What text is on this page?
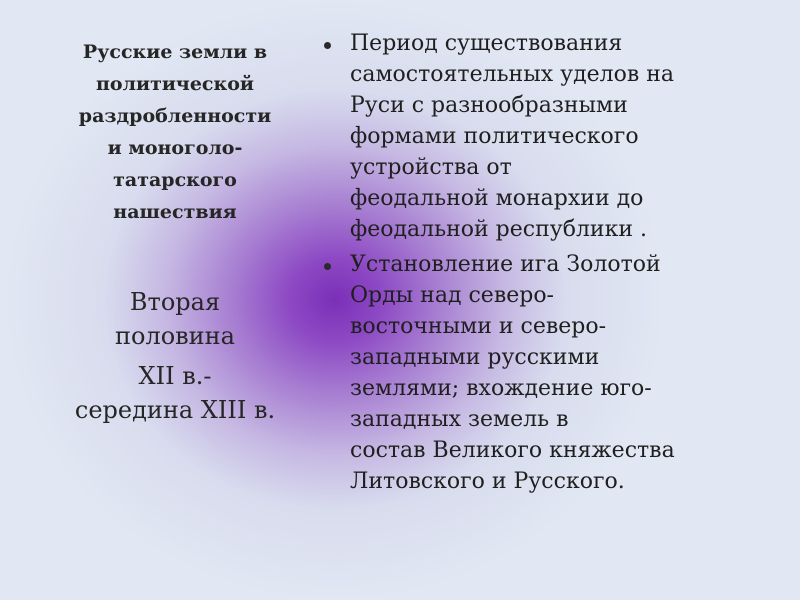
Русские земли в
политической
раздробленности
и моноголо-
татарского
нашествия
Вторая
половина
XII в.-
середина XIII в.
Период существования
самостоятельных уделов на
Руси с разнообразными
формами политического
устройства от
феодальной монархии до
феодальной республики .
Установление ига Золотой
Орды над северо-
восточными и северо-
западными русскими
землями; вхождение юго-
западных земель в
состав Великого княжества
Литовского и Русского.
